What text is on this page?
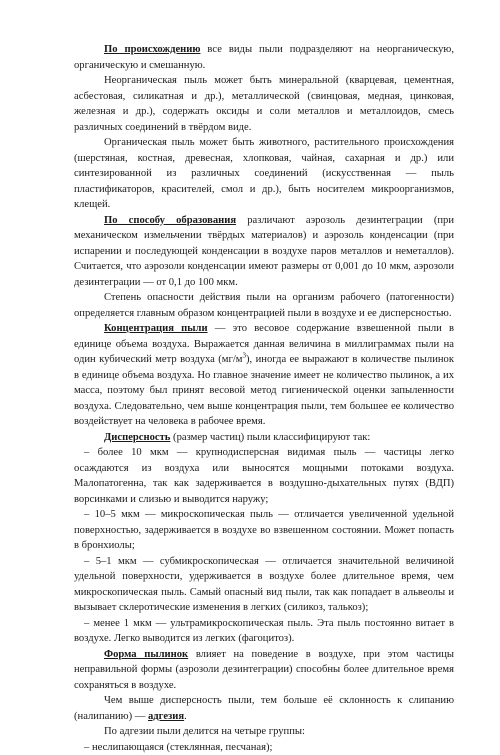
По происхождению все виды пыли подразделяют на неорганическую, органическую и смешанную.

Неорганическая пыль может быть минеральной (кварцевая, цементная, асбестовая, силикатная и др.), металлической (свинцовая, медная, цинковая, железная и др.), содержать оксиды и соли металлов и металлоидов, смесь различных соединений в твёрдом виде.

Органическая пыль может быть животного, растительного происхождения (шерстяная, костная, древесная, хлопковая, чайная, сахарная и др.) или синтезированной из различных соединений (искусственная — пыль пластификаторов, красителей, смол и др.), быть носителем микроорганизмов, клещей.

По способу образования различают аэрозоль дезинтеграции (при механическом измельчении твёрдых материалов) и аэрозоль конденсации (при испарении и последующей конденсации в воздухе паров металлов и неметаллов). Считается, что аэрозоли конденсации имеют размеры от 0,001 до 10 мкм, аэрозоли дезинтеграции — от 0,1 до 100 мкм.

Степень опасности действия пыли на организм рабочего (патогенности) определяется главным образом концентрацией пыли в воздухе и ее дисперсностью.

Концентрация пыли — это весовое содержание взвешенной пыли в единице объема воздуха. Выражается данная величина в миллиграммах пыли на один кубический метр воздуха $(мг/м^3)$, иногда ее выражают в количестве пылинок в единице объема воздуха. Но главное значение имеет не количество пылинок, а их масса, поэтому был принят весовой метод гигиенической оценки запыленности воздуха. Следовательно, чем выше концентрация пыли, тем большее ее количество воздействует на человека в рабочее время.

Дисперсность (размер частиц) пыли классифицируют так:

– более 10 мкм — крупнодисперсная видимая пыль — частицы легко осаждаются из воздуха или выносятся мощными потоками воздуха. Малопатогенна, так как задерживается в воздушно-дыхательных путях (ВДП) ворсинками и слизью и выводится наружу;

– 10–5 мкм — микроскопическая пыль — отличается увеличенной удельной поверхностью, задерживается в воздухе во взвешенном состоянии. Может попасть в бронхиолы;

– 5–1 мкм — субмикроскопическая — отличается значительной величиной удельной поверхности, удерживается в воздухе более длительное время, чем микроскопическая пыль. Самый опасный вид пыли, так как попадает в альвеолы и вызывает склеротические изменения в легких (силикоз, талькоз);

– менее 1 мкм — ультрамикроскопическая пыль. Эта пыль постоянно витает в воздухе. Легко выводится из легких (фагоцитоз).

Форма пылинок влияет на поведение в воздухе, при этом частицы неправильной формы (аэрозоли дезинтеграции) способны более длительное время сохраняться в воздухе.

Чем выше дисперсность пыли, тем больше её склонность к слипанию (налипанию) — адгезия.

По адгезии пыли делится на четыре группы:

– неслипающаяся (стеклянная, песчаная);
